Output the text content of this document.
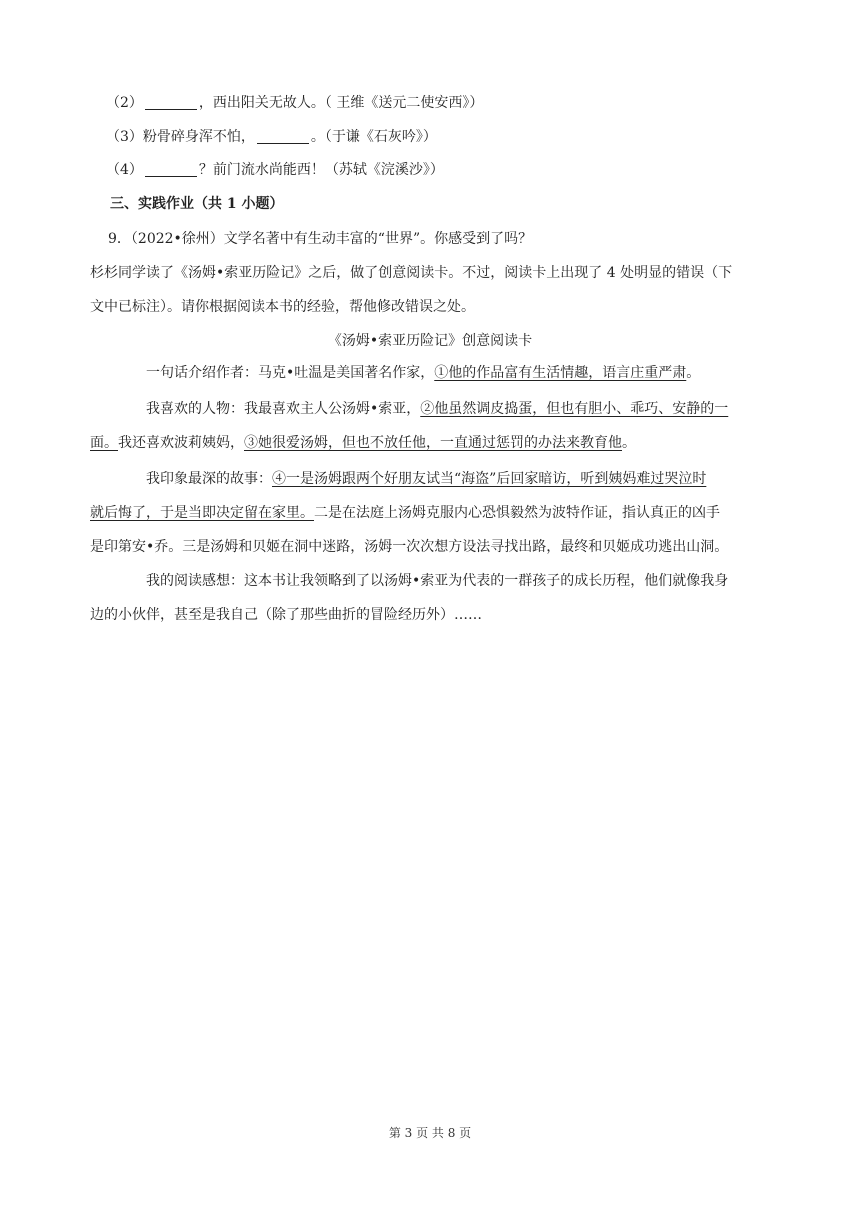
（2）	，西出阳关无故人。（ 王维《送元二使安西》）
（3）粉骨碎身浑不怕，	。（于谦《石灰吟》）
（4）	？前门流水尚能西！（苏轼《浣溪沙》）
三、实践作业（共 1 小题）
9．（2022•徐州）文学名著中有生动丰富的“世界”。你感受到了吗？
杉杉同学读了《汤姆•索亚历险记》之后，做了创意阅读卡。不过，阅读卡上出现了 4 处明显的错误（下
文中已标注）。请你根据阅读本书的经验，帮他修改错误之处。
《汤姆•索亚历险记》创意阅读卡
一句话介绍作者：马克•吐温是美国著名作家，①他的作品富有生活情趣，语言庄重严肃。
我喜欢的人物：我最喜欢主人公汤姆•索亚，②他虽然调皮捣蛋，但也有胆小、乖巧、安静的一
面。我还喜欢波莉姨妈，③她很爱汤姆，但也不放任他，一直通过惩罚的办法来教育他。
我印象最深的故事：④一是汤姆跟两个好朋友试当“海盗”后回家暗访，听到姨妈难过哭泣时
就后悔了，于是当即决定留在家里。二是在法庭上汤姆克服内心恐惧毅然为波特作证，指认真正的凶手
是印第安•乔。三是汤姆和贝姬在洞中迷路，汤姆一次次想方设法寻找出路，最终和贝姬成功逃出山洞。
我的阅读感想：这本书让我领略到了以汤姆•索亚为代表的一群孩子的成长历程，他们就像我身
边的小伙伴，甚至是我自己（除了那些曲折的冒险经历外）……
第 3 页 共 8 页
